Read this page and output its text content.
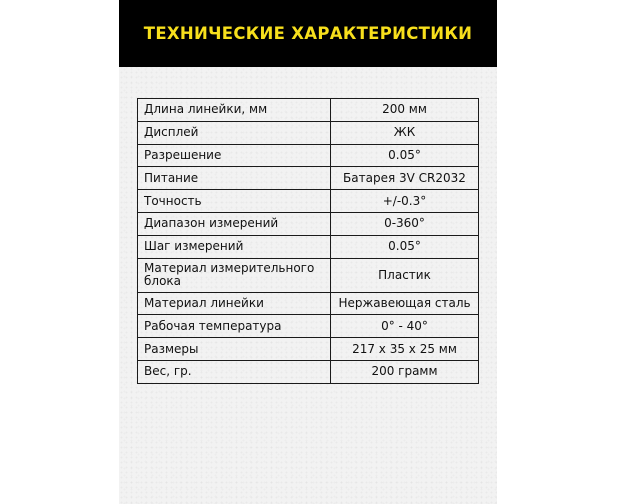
ТЕХНИЧЕСКИЕ ХАРАКТЕРИСТИКИ
Длина линейки, мм	200 мм
Дисплей	ЖК
Разрешение	0.05°
Питание	Батарея 3V CR2032
Точность	+/-0.3°
Диапазон измерений	0-360°
Шаг измерений	0.05°
Материал измерительного блока	Пластик
Материал линейки	Нержавеющая сталь
Рабочая температура	0° - 40°
Размеры	217 х 35 х 25 мм
Вес, гр.	200 грамм
